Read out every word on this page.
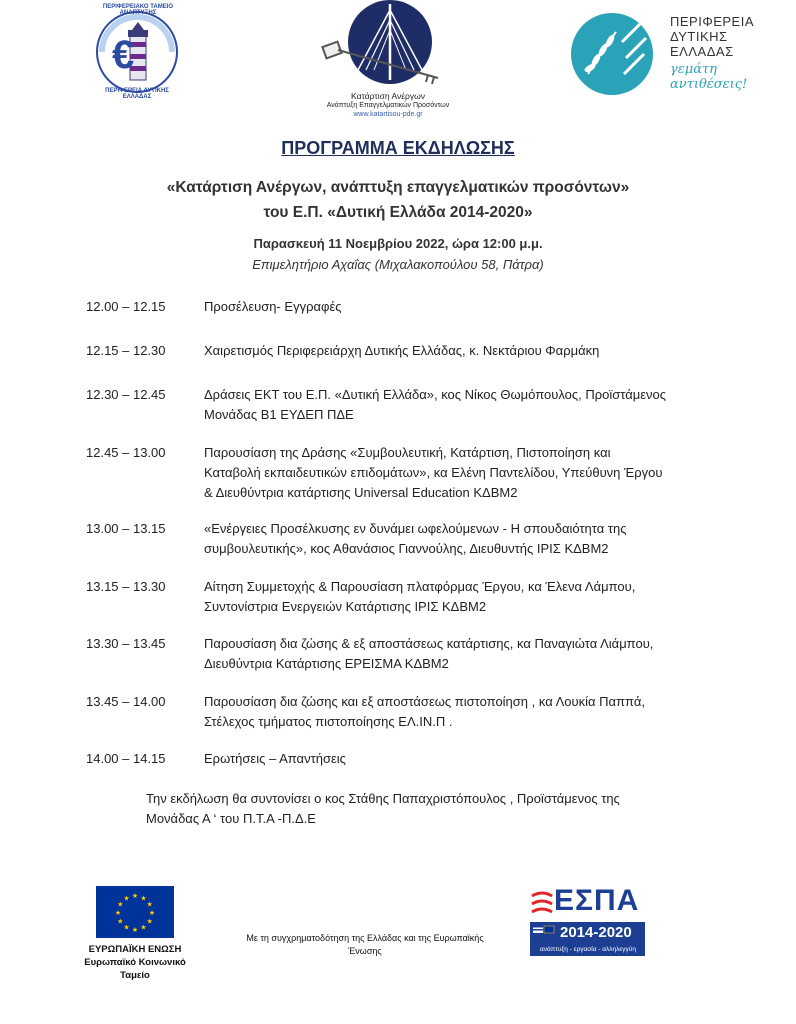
€
ΠΕΡΙΦΕΡΕΙΑΚΟ ΤΑΜΕΙΟ ΑΝΑΠΤΥΞΗΣ
ΠΕΡΙΦΕΡΕΙΑ ΔΥΤΙΚΗΣ ΕΛΛΑΔΑΣ	Κατάρτιση Ανέργων
Ανάπτυξη Επαγγελματικών Προσόντων
www.katartisou-pde.gr
ΠΕΡΙΦΕΡΕΙΑ
ΔΥΤΙΚΗΣ
ΕΛΛΑΔΑΣ
γεμάτη αντιθέσεις!
ΠΡΟΓΡΑΜΜΑ ΕΚΔΗΛΩΣΗΣ
«Κατάρτιση Ανέργων, ανάπτυξη επαγγελματικών προσόντων»
του Ε.Π. «Δυτική Ελλάδα 2014-2020»
Παρασκευή 11 Νοεμβρίου 2022, ώρα 12:00 μ.μ.
Επιμελητήριο Αχαΐας (Μιχαλακοπούλου 58, Πάτρα)
12.00 – 12.15	Προσέλευση- Εγγραφές
12.15 – 12.30	Χαιρετισμός Περιφερειάρχη Δυτικής Ελλάδας, κ. Νεκτάριου Φαρμάκη
12.30 – 12.45	Δράσεις ΕΚΤ του Ε.Π. «Δυτική Ελλάδα», κος Νίκος Θωμόπουλος, Προϊστάμενος
Μονάδας Β1 ΕΥΔΕΠ ΠΔΕ
12.45 – 13.00	Παρουσίαση της Δράσης «Συμβουλευτική, Κατάρτιση, Πιστοποίηση και
Καταβολή εκπαιδευτικών επιδομάτων», κα Ελένη Παντελίδου, Υπεύθυνη Έργου
& Διευθύντρια κατάρτισης Universal Education ΚΔΒΜ2
13.00 – 13.15	«Ενέργειες Προσέλκυσης εν δυνάμει ωφελούμενων - Η σπουδαιότητα της
συμβουλευτικής», κος Αθανάσιος Γιαννούλης, Διευθυντής ΙΡΙΣ ΚΔΒΜ2
13.15 – 13.30	Αίτηση Συμμετοχής & Παρουσίαση πλατφόρμας Έργου, κα Έλενα Λάμπου,
Συντονίστρια Ενεργειών Κατάρτισης ΙΡΙΣ ΚΔΒΜ2
13.30 – 13.45	Παρουσίαση δια ζώσης & εξ αποστάσεως κατάρτισης, κα Παναγιώτα Λιάμπου,
Διευθύντρια Κατάρτισης ΕΡΕΙΣΜΑ ΚΔΒΜ2
13.45 – 14.00	Παρουσίαση δια ζώσης και εξ αποστάσεως πιστοποίηση , κα Λουκία Παππά,
Στέλεχος τμήματος πιστοποίησης ΕΛ.ΙΝ.Π .
14.00 – 14.15	Ερωτήσεις – Απαντήσεις
Την εκδήλωση θα συντονίσει ο κος Στάθης Παπαχριστόπουλος , Προϊστάμενος της
Μονάδας Α ‘ του Π.Τ.Α -Π.Δ.Ε
★ ★
★
★
★
★
★
★
★
★
★
★
ΕΥΡΩΠΑΪΚΗ ΕΝΩΣΗ
Ευρωπαϊκό Κοινωνικό
Ταμείο
Με τη συγχρηματοδότηση της Ελλάδας και της Ευρωπαϊκής
Ένωσης
ΕΣΠΑ
2014-2020
ανάπτυξη - εργασία - αλληλεγγύη
